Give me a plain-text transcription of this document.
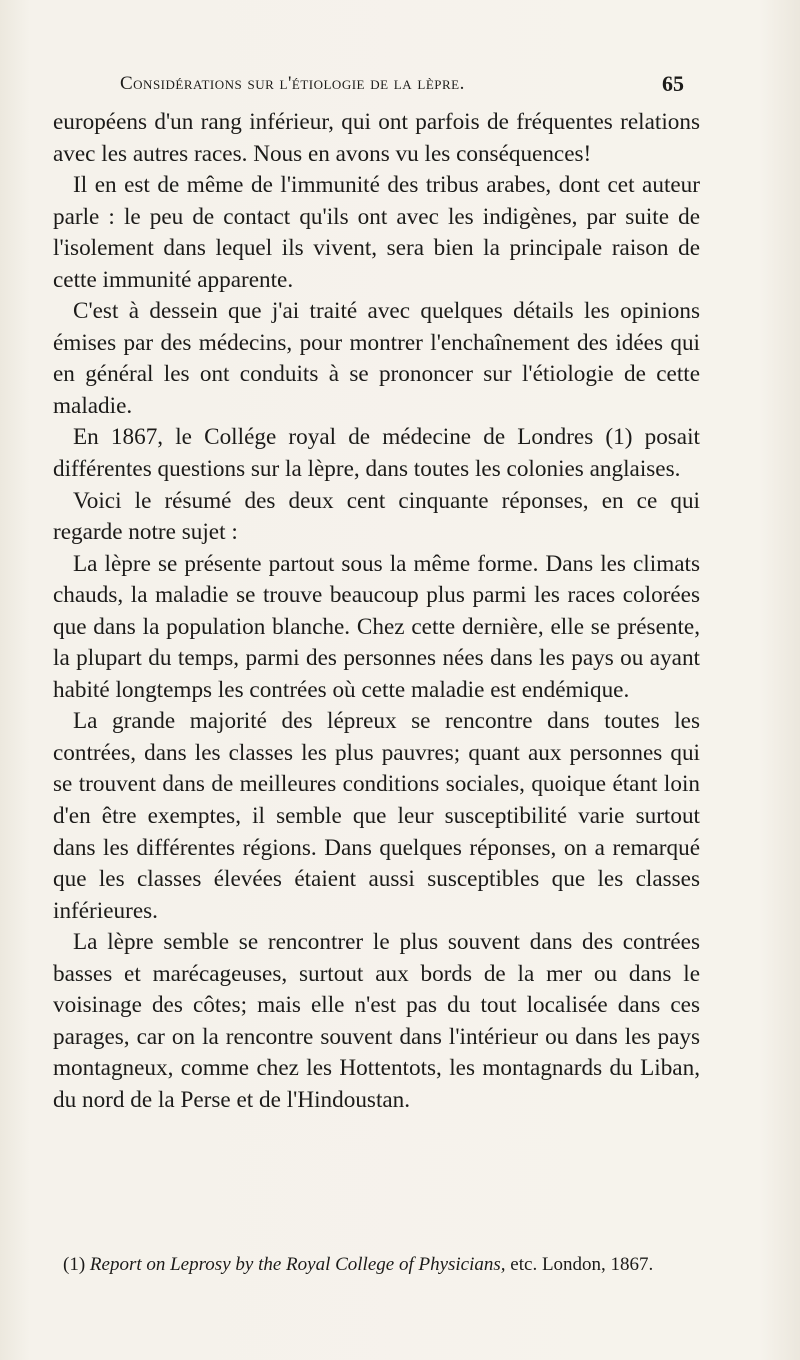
Considérations sur l'étiologie de la lèpre.	65

européens d'un rang inférieur, qui ont parfois de fréquentes relations avec les autres races. Nous en avons vu les conséquences!

Il en est de même de l'immunité des tribus arabes, dont cet auteur parle : le peu de contact qu'ils ont avec les indigènes, par suite de l'isolement dans lequel ils vivent, sera bien la principale raison de cette immunité apparente.

C'est à dessein que j'ai traité avec quelques détails les opinions émises par des médecins, pour montrer l'enchaînement des idées qui en général les ont conduits à se prononcer sur l'étiologie de cette maladie.

En 1867, le Collége royal de médecine de Londres (1) posait différentes questions sur la lèpre, dans toutes les colonies anglaises.

Voici le résumé des deux cent cinquante réponses, en ce qui regarde notre sujet :

La lèpre se présente partout sous la même forme. Dans les climats chauds, la maladie se trouve beaucoup plus parmi les races colorées que dans la population blanche. Chez cette dernière, elle se présente, la plupart du temps, parmi des personnes nées dans les pays ou ayant habité longtemps les contrées où cette maladie est endémique.

La grande majorité des lépreux se rencontre dans toutes les contrées, dans les classes les plus pauvres; quant aux personnes qui se trouvent dans de meilleures conditions sociales, quoique étant loin d'en être exemptes, il semble que leur susceptibilité varie surtout dans les différentes régions. Dans quelques réponses, on a remarqué que les classes élevées étaient aussi susceptibles que les classes inférieures.

La lèpre semble se rencontrer le plus souvent dans des contrées basses et marécageuses, surtout aux bords de la mer ou dans le voisinage des côtes; mais elle n'est pas du tout localisée dans ces parages, car on la rencontre souvent dans l'intérieur ou dans les pays montagneux, comme chez les Hottentots, les montagnards du Liban, du nord de la Perse et de l'Hindoustan.

(1) Report on Leprosy by the Royal College of Physicians, etc. London, 1867.
